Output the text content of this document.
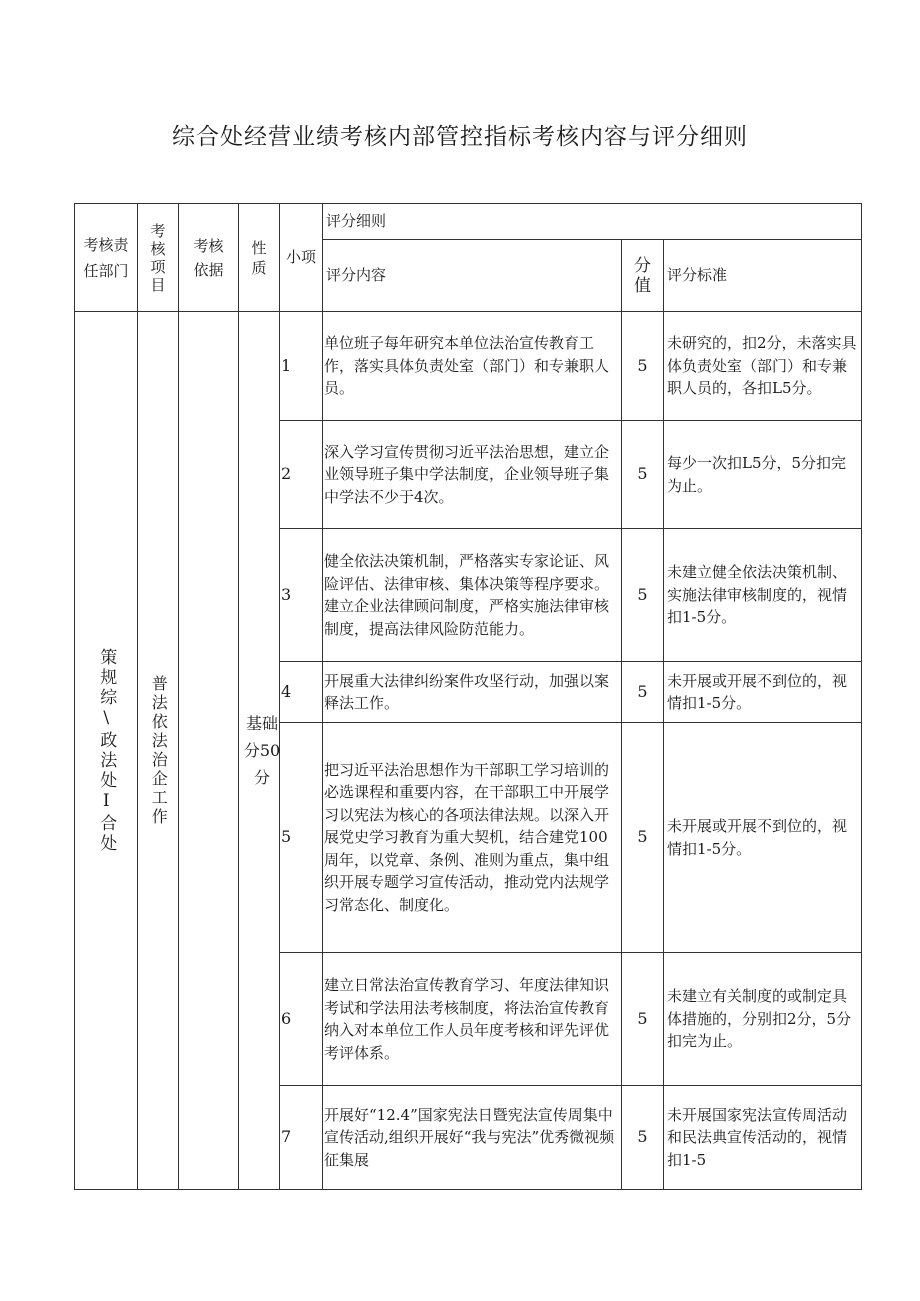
综合处经营业绩考核内部管控指标考核内容与评分细则
考核责任部门	考核项目	考核依据	性质	小项	评分细则		
					评分内容	分值	评分标准

策规综\政法处I合处	普法依法治企工作		基础分50分	1	单位班子每年研究本单位法治宣传教育工作，落实具体负责处室（部门）和专兼职人员。	5	未研究的，扣2分，未落实具体负责处室（部门）和专兼职人员的，各扣L5分。
				2	深入学习宣传贯彻习近平法治思想，建立企业领导班子集中学法制度，企业领导班子集中学法不少于4次。	5	每少一次扣L5分，5分扣完为止。
				3	健全依法决策机制，严格落实专家论证、风险评估、法律审核、集体决策等程序要求。建立企业法律顾问制度，严格实施法律审核制度，提高法律风险防范能力。	5	未建立健全依法决策机制、实施法律审核制度的，视情扣1-5分。
				4	开展重大法律纠纷案件攻坚行动，加强以案释法工作。	5	未开展或开展不到位的，视情扣1-5分。
				5	把习近平法治思想作为干部职工学习培训的必选课程和重要内容，在干部职工中开展学习以宪法为核心的各项法律法规。以深入开展党史学习教育为重大契机，结合建党100周年，以党章、条例、准则为重点，集中组织开展专题学习宣传活动，推动党内法规学习常态化、制度化。	5	未开展或开展不到位的，视情扣1-5分。
				6	建立日常法治宣传教育学习、年度法律知识考试和学法用法考核制度，将法治宣传教育纳入对本单位工作人员年度考核和评先评优考评体系。	5	未建立有关制度的或制定具体措施的，分别扣2分，5分扣完为止。
				7	开展好“12.4”国家宪法日暨宪法宣传周集中宣传活动,组织开展好“我与宪法”优秀微视频征集展	5	未开展国家宪法宣传周活动和民法典宣传活动的，视情扣1-5
